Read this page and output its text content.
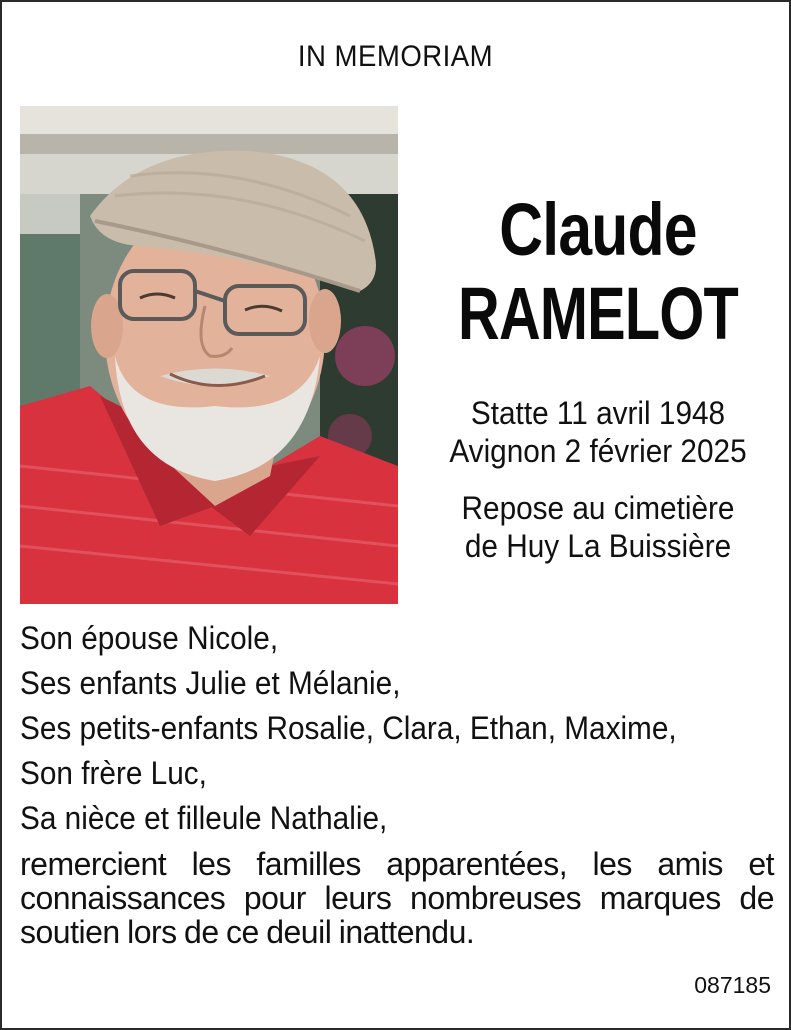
IN MEMORIAM
Claude
RAMELOT
Statte 11 avril 1948
Avignon 2 février 2025
Repose au cimetière
de Huy La Buissière
Son épouse Nicole,
Ses enfants Julie et Mélanie,
Ses petits-enfants Rosalie, Clara, Ethan, Maxime,
Son frère Luc,
Sa nièce et filleule Nathalie,
remercient les familles apparentées, les amis et connaissances pour leurs nombreuses marques de soutien lors de ce deuil inattendu.
087185
